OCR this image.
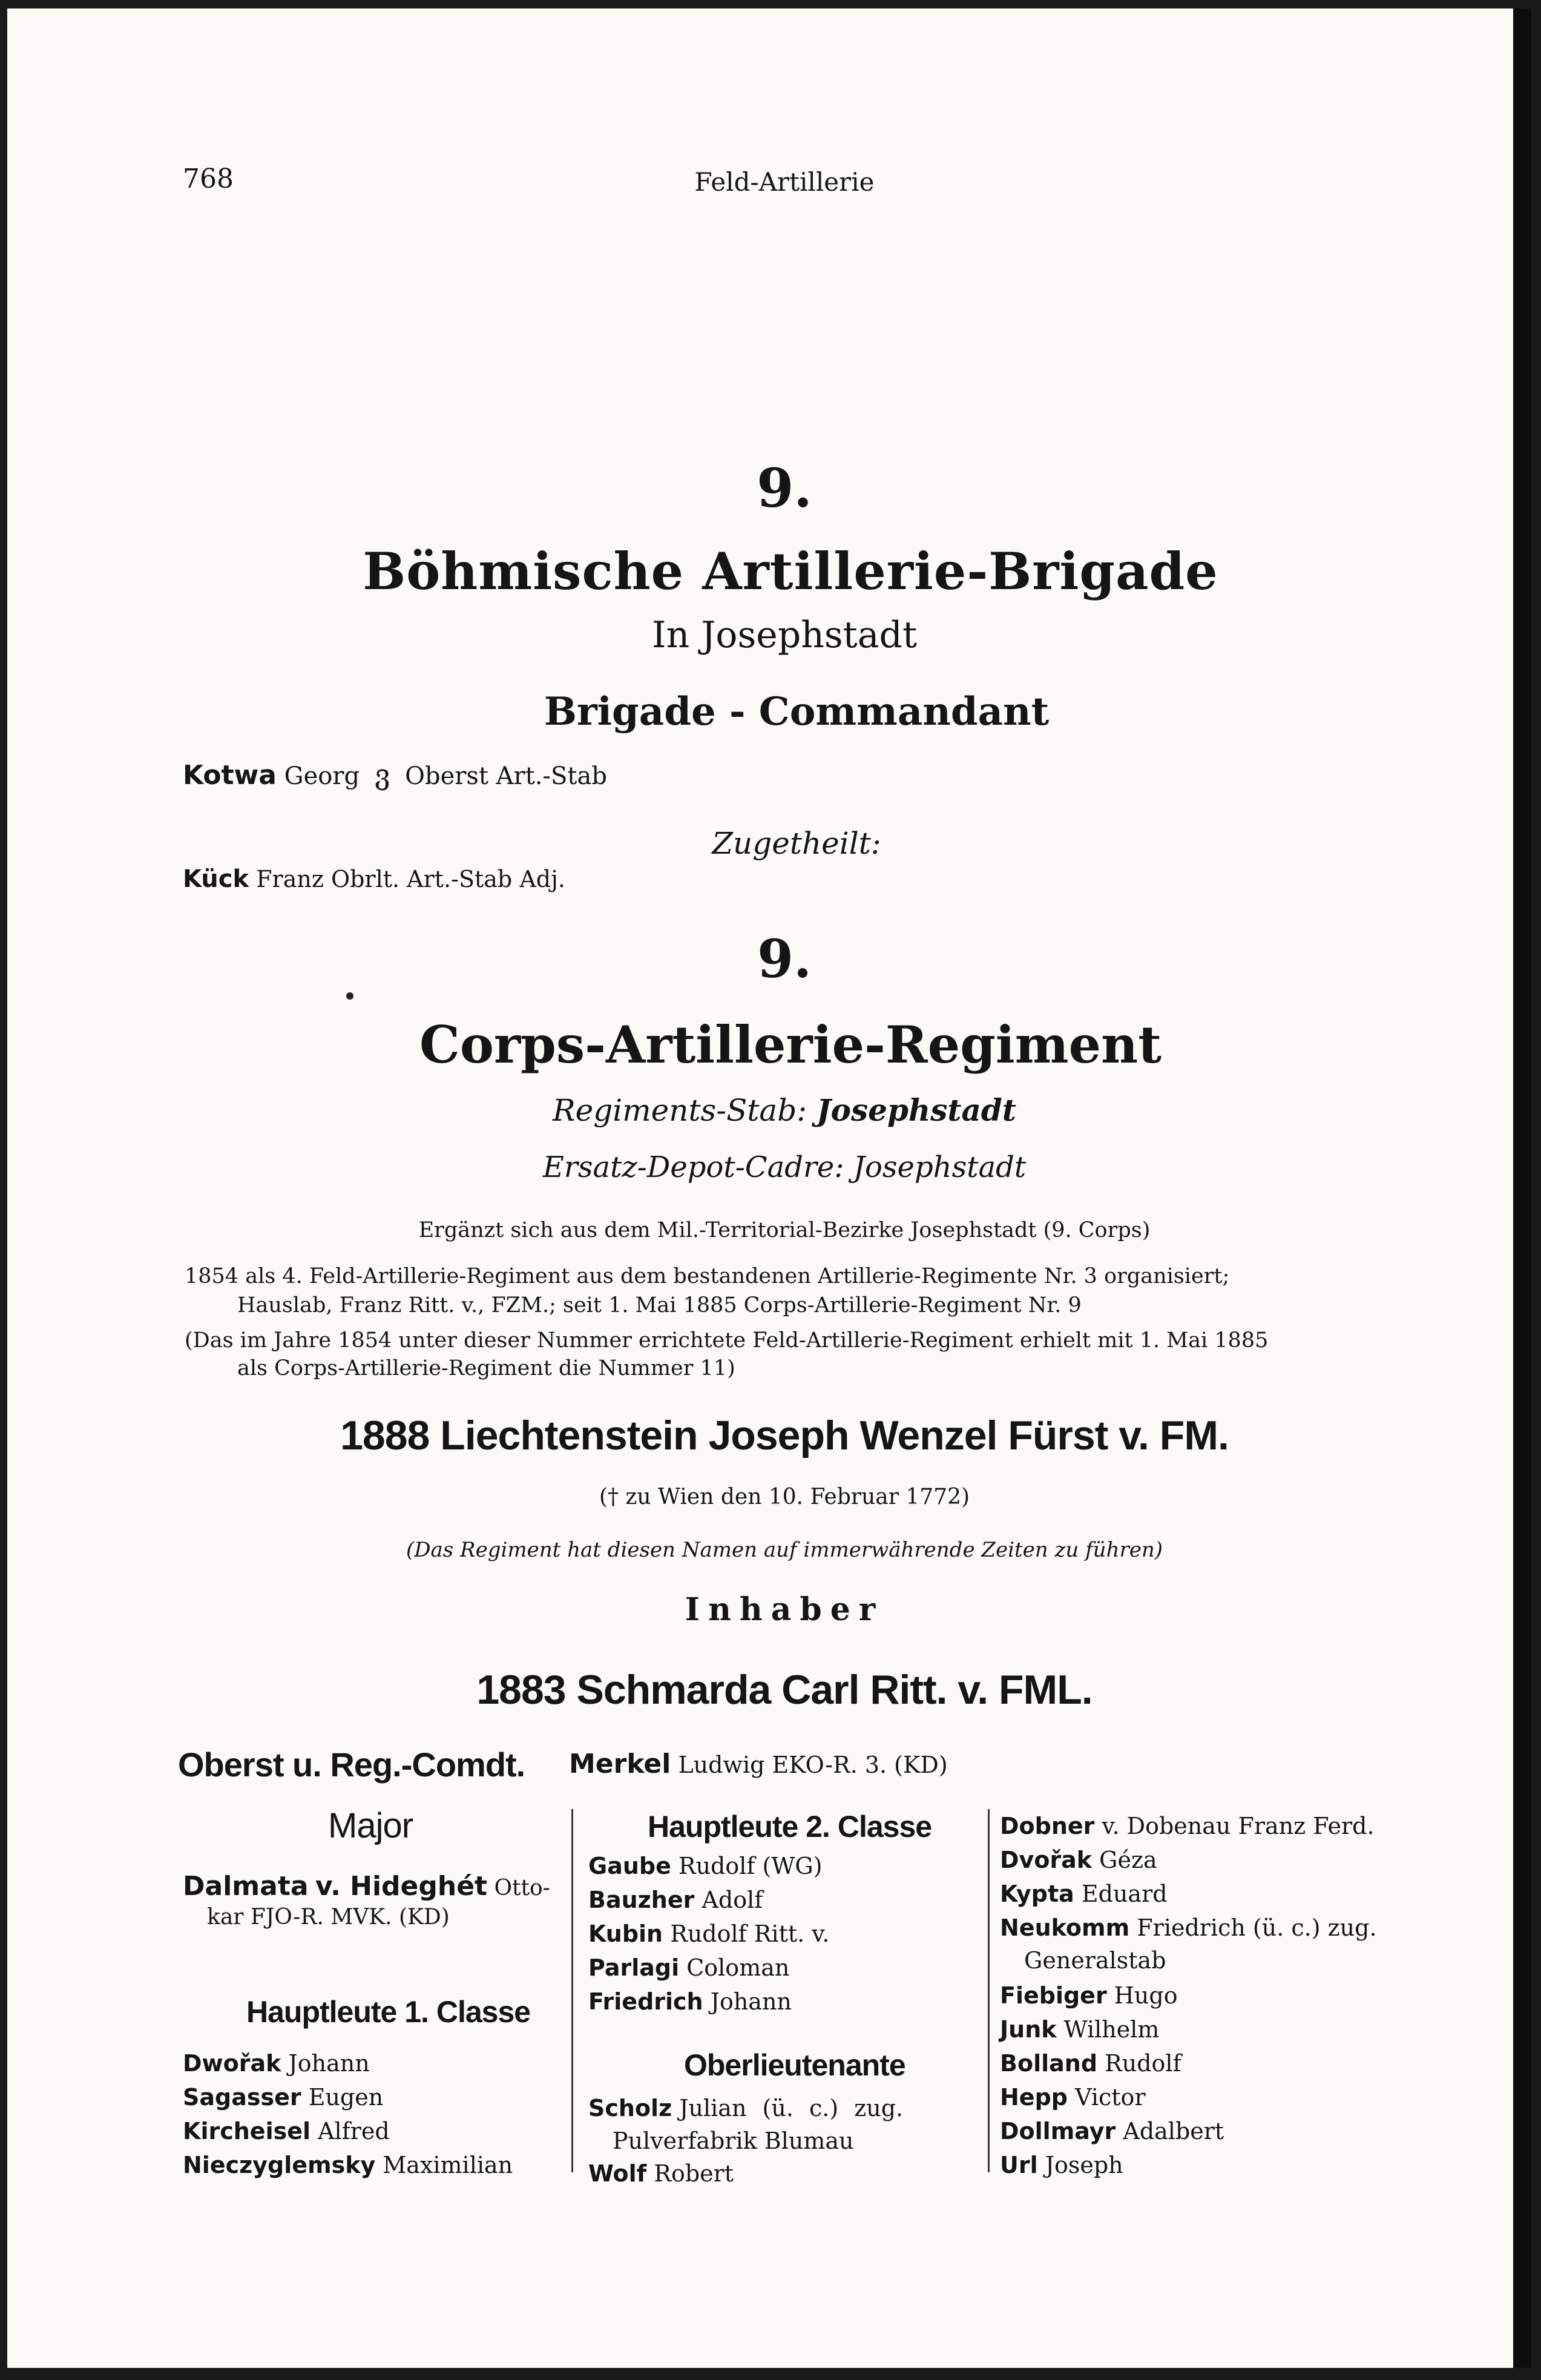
768	Feld-Artillerie
9.
Böhmische Artillerie-Brigade
In Josephstadt
Brigade - Commandant
Kotwa Georg ვ Oberst Art.-Stab
Zugetheilt:
Kück Franz Obrlt. Art.-Stab Adj.
9.
Corps-Artillerie-Regiment
Regiments-Stab: Josephstadt
Ersatz-Depot-Cadre: Josephstadt
Ergänzt sich aus dem Mil.-Territorial-Bezirke Josephstadt (9. Corps)
1854 als 4. Feld-Artillerie-Regiment aus dem bestandenen Artillerie-Regimente Nr. 3 organisiert;
Hauslab, Franz Ritt. v., FZM.; seit 1. Mai 1885 Corps-Artillerie-Regiment Nr. 9
(Das im Jahre 1854 unter dieser Nummer errichtete Feld-Artillerie-Regiment erhielt mit 1. Mai 1885
als Corps-Artillerie-Regiment die Nummer 11)
1888 Liechtenstein Joseph Wenzel Fürst v. FM.
(† zu Wien den 10. Februar 1772)
(Das Regiment hat diesen Namen auf immerwährende Zeiten zu führen)
Inhaber
1883 Schmarda Carl Ritt. v. FML.
Oberst u. Reg.-Comdt. Merkel Ludwig EKO-R. 3. (KD)
Major
Dalmata v. Hideghét Otto-
kar FJO-R. MVK. (KD)
Hauptleute 1. Classe
Dwořak Johann
Sagasser Eugen
Kircheisel Alfred
Nieczyglemsky Maximilian
Hauptleute 2. Classe
Gaube Rudolf (WG)
Bauzher Adolf
Kubin Rudolf Ritt. v.
Parlagi Coloman
Friedrich Johann
Oberlieutenante
Scholz Julian (ü. c.) zug.
Pulverfabrik Blumau
Wolf Robert
Dobner v. Dobenau Franz Ferd.
Dvořak Géza
Kypta Eduard
Neukomm Friedrich (ü. c.) zug.
Generalstab
Fiebiger Hugo
Junk Wilhelm
Bolland Rudolf
Hepp Victor
Dollmayr Adalbert
Url Joseph
